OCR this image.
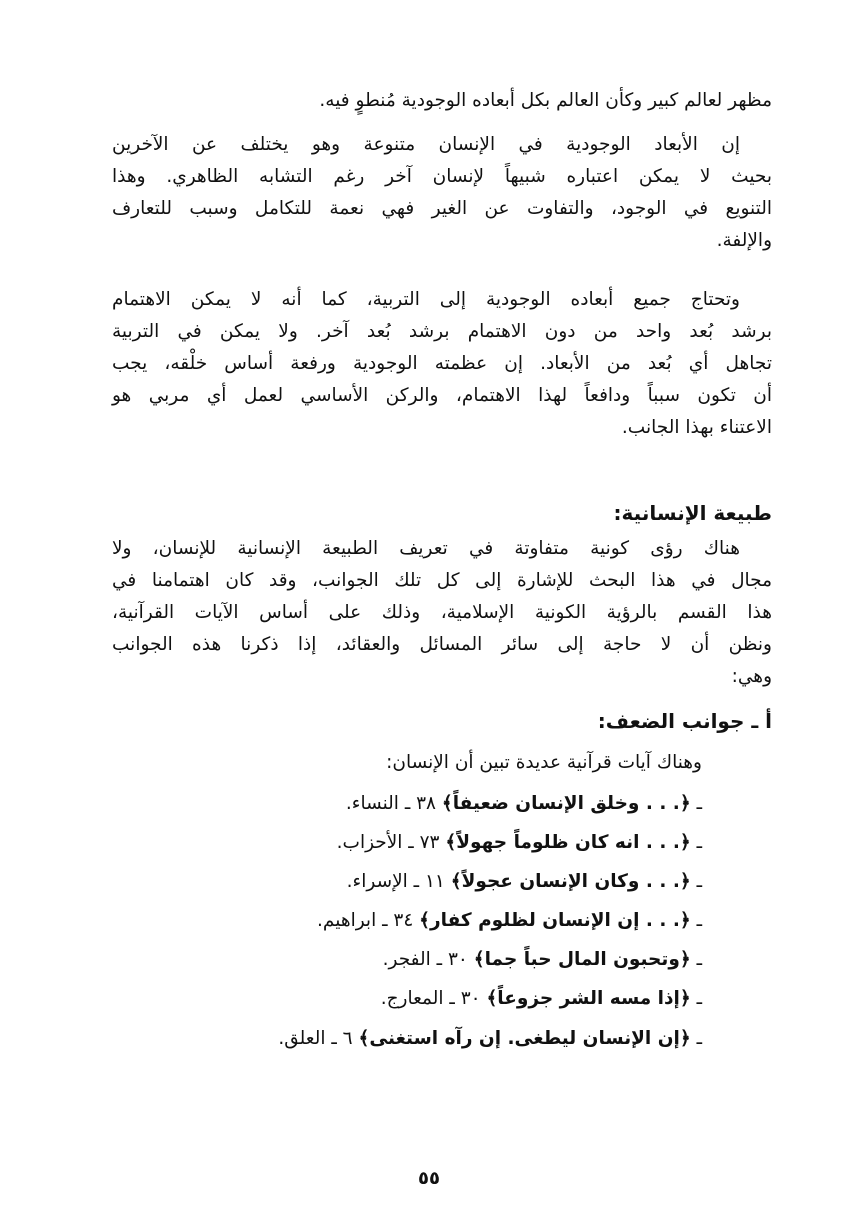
مظهر لعالم كبير وكأن العالم بكل أبعاده الوجودية مُنطوٍ فيه.
إن الأبعاد الوجودية في الإنسان متنوعة وهو يختلف عن الآخرين
بحيث لا يمكن اعتباره شبيهاً لإنسان آخر رغم التشابه الظاهري. وهذا
التنويع في الوجود، والتفاوت عن الغير فهي نعمة للتكامل وسبب للتعارف
والإلفة.
وتحتاج جميع أبعاده الوجودية إلى التربية، كما أنه لا يمكن الاهتمام
برشد بُعد واحد من دون الاهتمام برشد بُعد آخر. ولا يمكن في التربية
تجاهل أي بُعد من الأبعاد. إن عظمته الوجودية ورفعة أساس خلْقه، يجب
أن تكون سبباً ودافعاً لهذا الاهتمام، والركن الأساسي لعمل أي مربي هو
الاعتناء بهذا الجانب.
طبيعة الإنسانية:
هناك رؤى كونية متفاوتة في تعريف الطبيعة الإنسانية للإنسان، ولا
مجال في هذا البحث للإشارة إلى كل تلك الجوانب، وقد كان اهتمامنا في
هذا القسم بالرؤية الكونية الإسلامية، وذلك على أساس الآيات القرآنية،
ونظن أن لا حاجة إلى سائر المسائل والعقائد، إذا ذكرنا هذه الجوانب
وهي:
أ ـ جوانب الضعف:
وهناك آيات قرآنية عديدة تبين أن الإنسان:
ـ ﴿. . . وخلق الإنسان ضعيفاً﴾ ٣٨ ـ النساء.
ـ ﴿. . . انه كان ظلوماً جهولاً﴾ ٧٣ ـ الأحزاب.
ـ ﴿. . . وكان الإنسان عجولاً﴾ ١١ ـ الإسراء.
ـ ﴿. . . إن الإنسان لظلوم كفار﴾ ٣٤ ـ ابراهيم.
ـ ﴿وتحبون المال حباً جما﴾ ٣٠ ـ الفجر.
ـ ﴿إذا مسه الشر جزوعاً﴾ ٣٠ ـ المعارج.
ـ ﴿إن الإنسان ليطغى. إن رآه استغنى﴾ ٦ ـ العلق.
٥٥
